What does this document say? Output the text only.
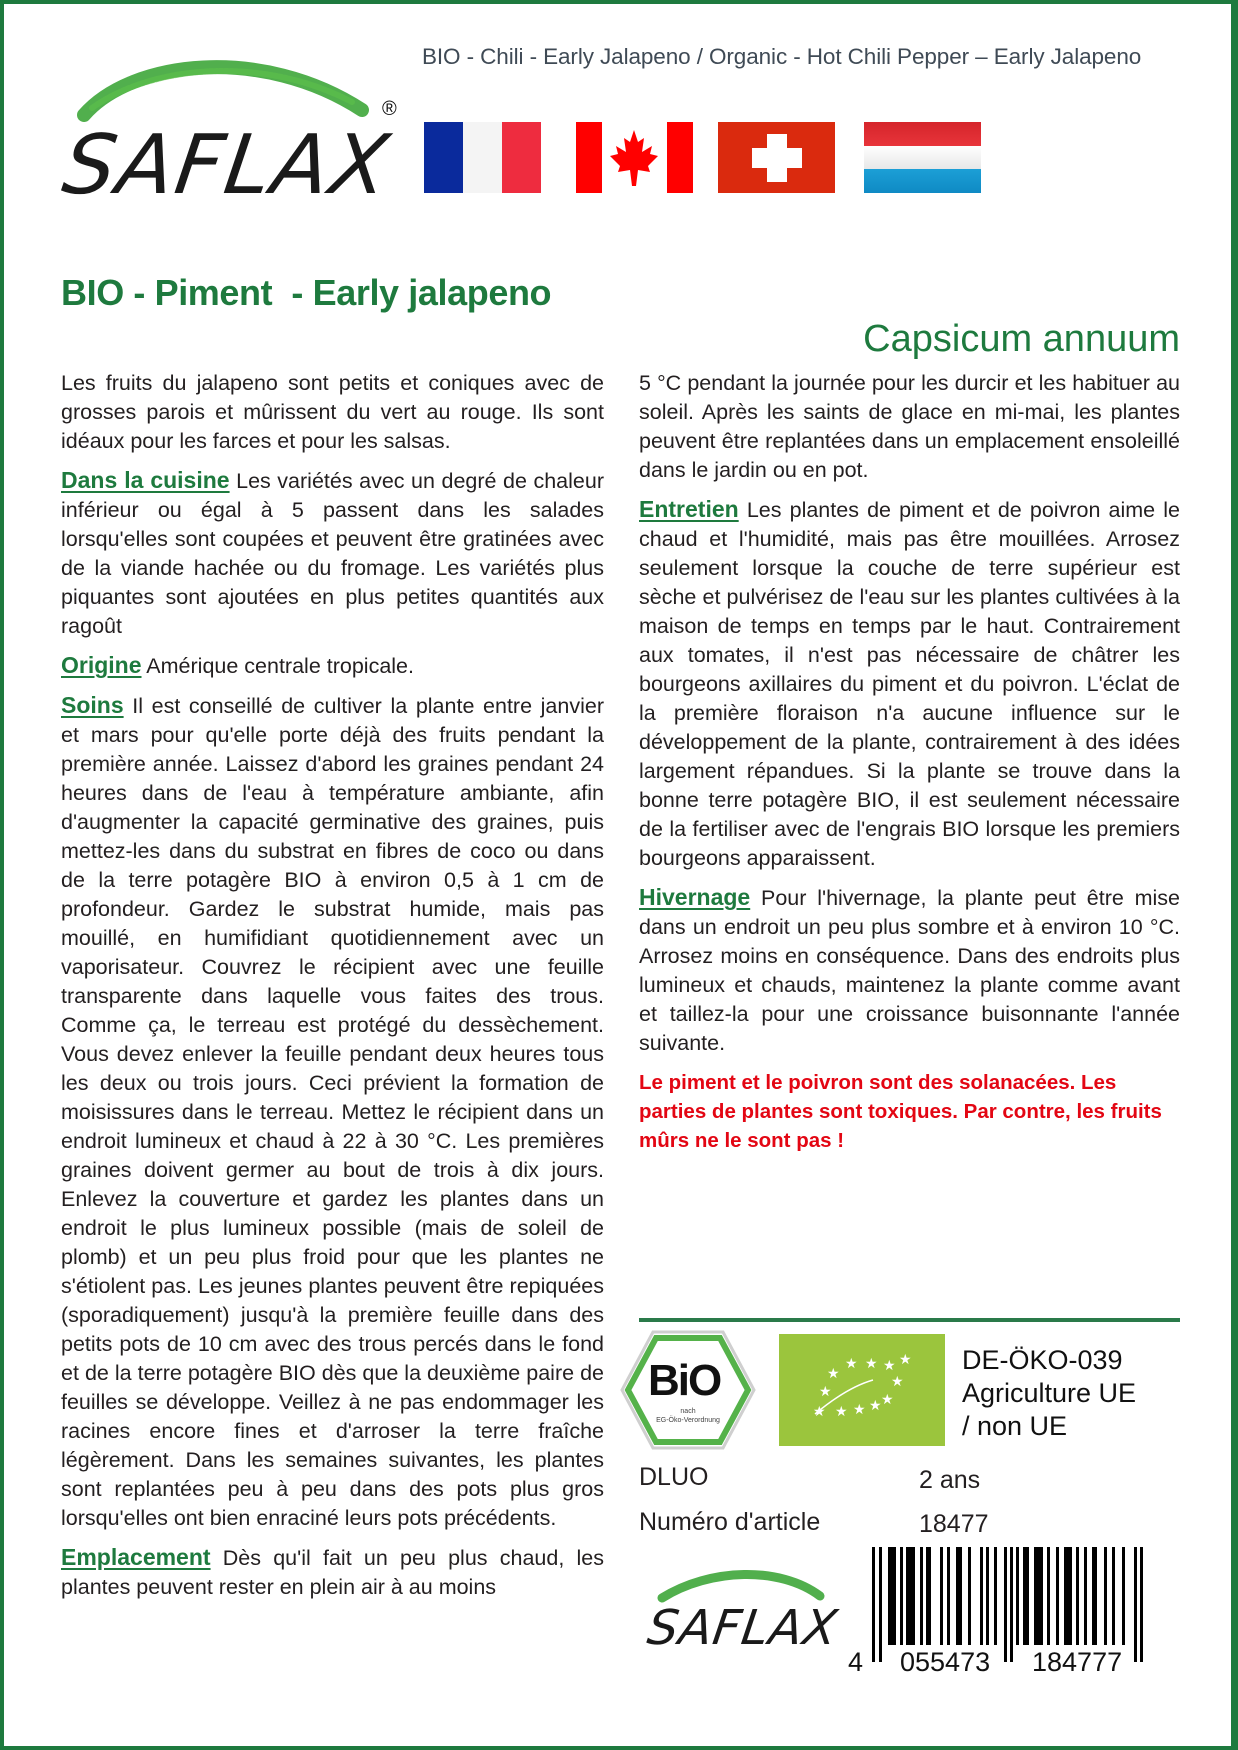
SAFLAX
®
BIO - Chili - Early Jalapeno / Organic - Hot Chili Pepper – Early Jalapeno
BIO - Piment  - Early jalapeno
Capsicum annuum

Les fruits du jalapeno sont petits et coniques avec de grosses parois et mûrissent du vert au rouge. Ils sont idéaux pour les farces et pour les salsas.

Dans la cuisine Les variétés avec un degré de chaleur inférieur ou égal à 5 passent dans les salades lorsqu'elles sont coupées et peuvent être gratinées avec de la viande hachée ou du fromage. Les variétés plus piquantes sont ajoutées en plus petites quantités aux ragoût

Origine Amérique centrale tropicale.

Soins Il est conseillé de cultiver la plante entre janvier et mars pour qu'elle porte déjà des fruits pendant la première année. Laissez d'abord les graines pendant 24 heures dans de l'eau à température ambiante, afin d'augmenter la capacité germinative des graines, puis mettez-les dans du substrat en fibres de coco ou dans de la terre potagère BIO à environ 0,5 à 1 cm de profondeur. Gardez le substrat humide, mais pas mouillé, en humifidiant quotidiennement avec un vaporisateur. Couvrez le récipient avec une feuille transparente dans laquelle vous faites des trous. Comme ça, le terreau est protégé du dessèchement. Vous devez enlever la feuille pendant deux heures tous les deux ou trois jours. Ceci prévient la formation de moisissures dans le terreau. Mettez le récipient dans un endroit lumineux et chaud à 22 à 30 °C. Les premières graines doivent germer au bout de trois à dix jours. Enlevez la couverture et gardez les plantes dans un endroit le plus lumineux possible (mais de soleil de plomb) et un peu plus froid pour que les plantes ne s'étiolent pas. Les jeunes plantes peuvent être repiquées (sporadiquement) jusqu'à la première feuille dans des petits pots de 10 cm avec des trous percés dans le fond et de la terre potagère BIO dès que la deuxième paire de feuilles se développe. Veillez à ne pas endommager les racines encore fines et d'arroser la terre fraîche légèrement. Dans les semaines suivantes, les plantes sont replantées peu à peu dans des pots plus gros lorsqu'elles ont bien enraciné leurs pots précédents.

Emplacement Dès qu'il fait un peu plus chaud, les plantes peuvent rester en plein air à au moins

5 °C pendant la journée pour les durcir et les habituer au soleil. Après les saints de glace en mi-mai, les plantes peuvent être replantées dans un emplacement ensoleillé dans le jardin ou en pot.

Entretien Les plantes de piment et de poivron aime le chaud et l'humidité, mais pas être mouillées. Arrosez seulement lorsque la couche de terre supérieur est sèche et pulvérisez de l'eau sur les plantes cultivées à la maison de temps en temps par le haut. Contrairement aux tomates, il n'est pas nécessaire de châtrer les bourgeons axillaires du piment et du poivron. L'éclat de la première floraison n'a aucune influence sur le développement de la plante, contrairement à des idées largement répandues. Si la plante se trouve dans la bonne terre potagère BIO, il est seulement nécessaire de la fertiliser avec de l'engrais BIO lorsque les premiers bourgeons apparaissent.

Hivernage Pour l'hivernage, la plante peut être mise dans un endroit un peu plus sombre et à environ 10 °C. Arrosez moins en conséquence. Dans des endroits plus lumineux et chauds, maintenez la plante comme avant et taillez-la pour une croissance buisonnante l'année suivante.

Le piment et le poivron sont des solanacées. Les parties de plantes sont toxiques. Par contre, les fruits mûrs ne le sont pas !

BiO
nach
EG-Öko-Verordnung
★
★ ★ ★ ★
★
★
★
★ ★ ★ ★
DE-ÖKO-039
Agriculture UE
/ non UE
DLUO	2 ans
Numéro d'article	18477
SAFLAX
4 055473 184777
